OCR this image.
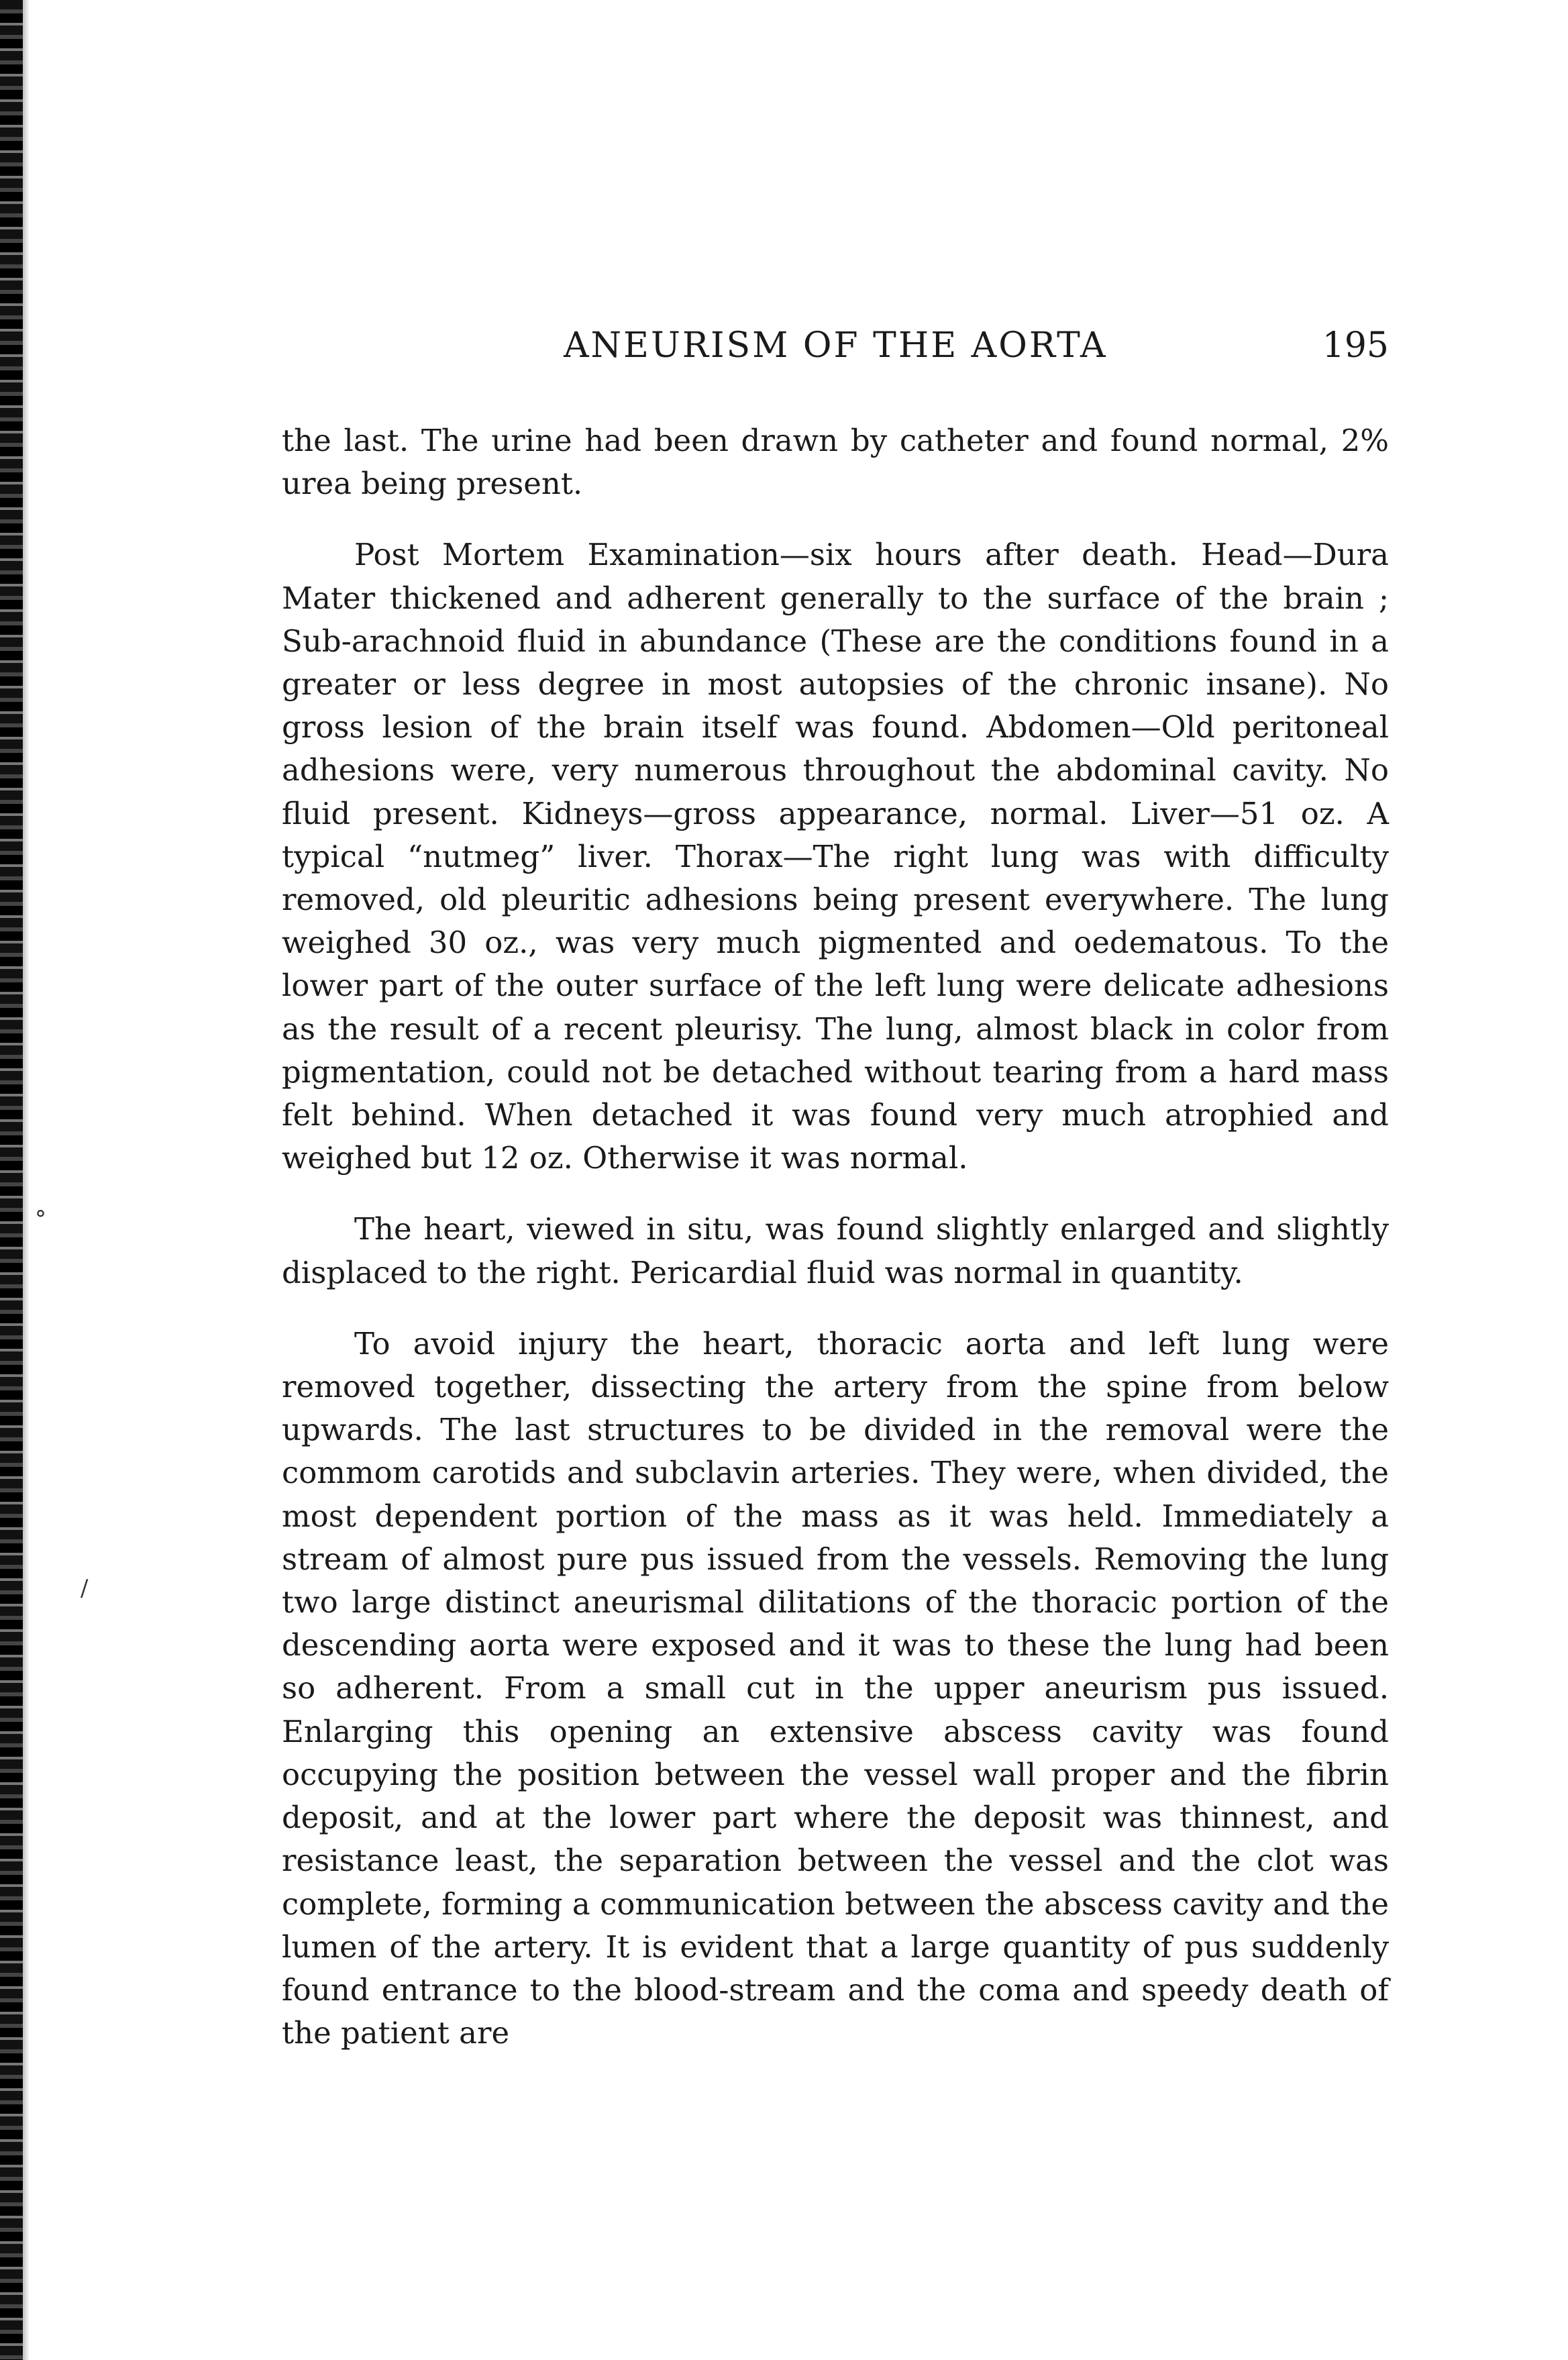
°
/
ANEURISM OF THE AORTA	195

the last. The urine had been drawn by catheter and found normal, 2% urea being present.

Post Mortem Examination—six hours after death. Head—Dura Mater thickened and adherent generally to the surface of the brain ; Sub-arachnoid fluid in abundance (These are the conditions found in a greater or less degree in most autopsies of the chronic insane). No gross lesion of the brain itself was found. Abdomen—Old peritoneal adhesions were, very numerous throughout the abdominal cavity. No fluid present. Kidneys—gross appearance, normal. Liver—51 oz. A typical “nutmeg” liver. Thorax—The right lung was with difficulty removed, old pleuritic adhesions being present everywhere. The lung weighed 30 oz., was very much pigmented and oedematous. To the lower part of the outer surface of the left lung were delicate adhesions as the result of a recent pleurisy. The lung, almost black in color from pigmentation, could not be detached without tearing from a hard mass felt behind. When detached it was found very much atrophied and weighed but 12 oz. Otherwise it was normal.

The heart, viewed in situ, was found slightly enlarged and slightly displaced to the right. Pericardial fluid was normal in quantity.

To avoid injury the heart, thoracic aorta and left lung were removed together, dissecting the artery from the spine from below upwards. The last structures to be divided in the removal were the commom carotids and subclavin arteries. They were, when divided, the most dependent portion of the mass as it was held. Immediately a stream of almost pure pus issued from the vessels. Removing the lung two large distinct aneurismal dilitations of the thoracic portion of the descending aorta were exposed and it was to these the lung had been so adherent. From a small cut in the upper aneurism pus issued. Enlarging this opening an extensive abscess cavity was found occupying the position between the vessel wall proper and the fibrin deposit, and at the lower part where the deposit was thinnest, and resistance least, the separation between the vessel and the clot was complete, forming a communication between the abscess cavity and the lumen of the artery. It is evident that a large quantity of pus suddenly found entrance to the blood-stream and the coma and speedy death of the patient are
